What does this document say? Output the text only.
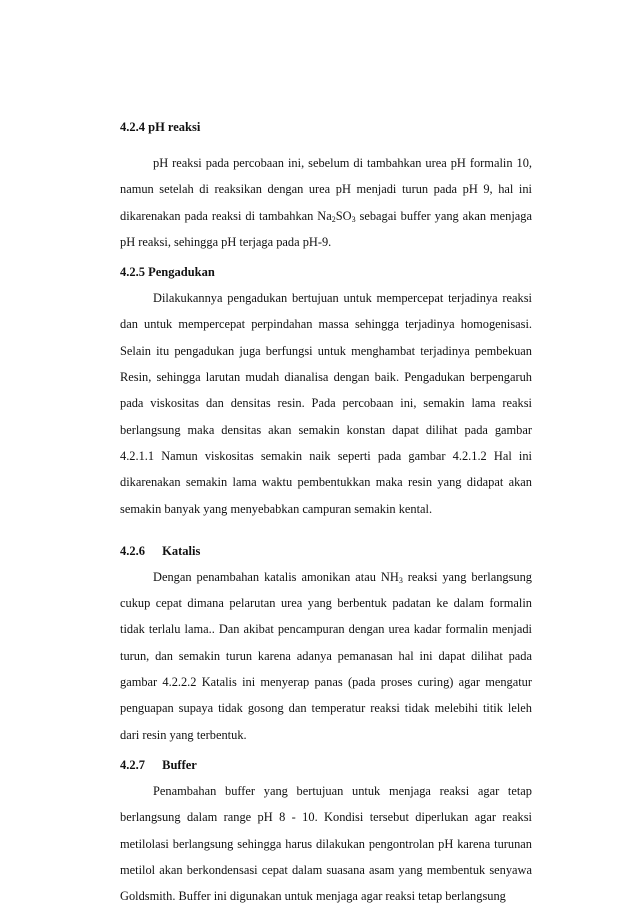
4.2.4 pH reaksi

pH reaksi pada percobaan ini, sebelum di tambahkan urea pH formalin 10, namun setelah di reaksikan dengan urea pH menjadi turun pada pH 9, hal ini dikarenakan pada reaksi di tambahkan $Na_2SO_3$ sebagai buffer yang akan menjaga pH reaksi, sehingga pH terjaga pada pH-9.

4.2.5 Pengadukan

Dilakukannya pengadukan bertujuan untuk mempercepat terjadinya reaksi dan untuk mempercepat perpindahan massa sehingga terjadinya homogenisasi. Selain itu pengadukan juga berfungsi untuk menghambat terjadinya pembekuan Resin, sehingga larutan mudah dianalisa dengan baik. Pengadukan berpengaruh pada viskositas dan densitas resin. Pada percobaan ini, semakin lama reaksi berlangsung maka densitas akan semakin konstan dapat dilihat pada gambar 4.2.1.1 Namun viskositas semakin naik seperti pada gambar 4.2.1.2 Hal ini dikarenakan semakin lama waktu pembentukkan maka resin yang didapat akan semakin banyak yang menyebabkan campuran semakin kental.

4.2.6 Katalis

Dengan penambahan katalis amonikan atau $NH_3$ reaksi yang berlangsung cukup cepat dimana pelarutan urea yang berbentuk padatan ke dalam formalin tidak terlalu lama.. Dan akibat pencampuran dengan urea kadar formalin menjadi turun, dan semakin turun karena adanya pemanasan hal ini dapat dilihat pada gambar 4.2.2.2 Katalis ini menyerap panas (pada proses curing) agar mengatur penguapan supaya tidak gosong dan temperatur reaksi tidak melebihi titik leleh dari resin yang terbentuk.

4.2.7 Buffer

Penambahan buffer yang bertujuan untuk menjaga reaksi agar tetap berlangsung dalam range pH 8 - 10. Kondisi tersebut diperlukan agar reaksi metilolasi berlangsung sehingga harus dilakukan pengontrolan pH karena turunan metilol akan berkondensasi cepat dalam suasana asam yang membentuk senyawa Goldsmith. Buffer ini digunakan untuk menjaga agar reaksi tetap berlangsung
